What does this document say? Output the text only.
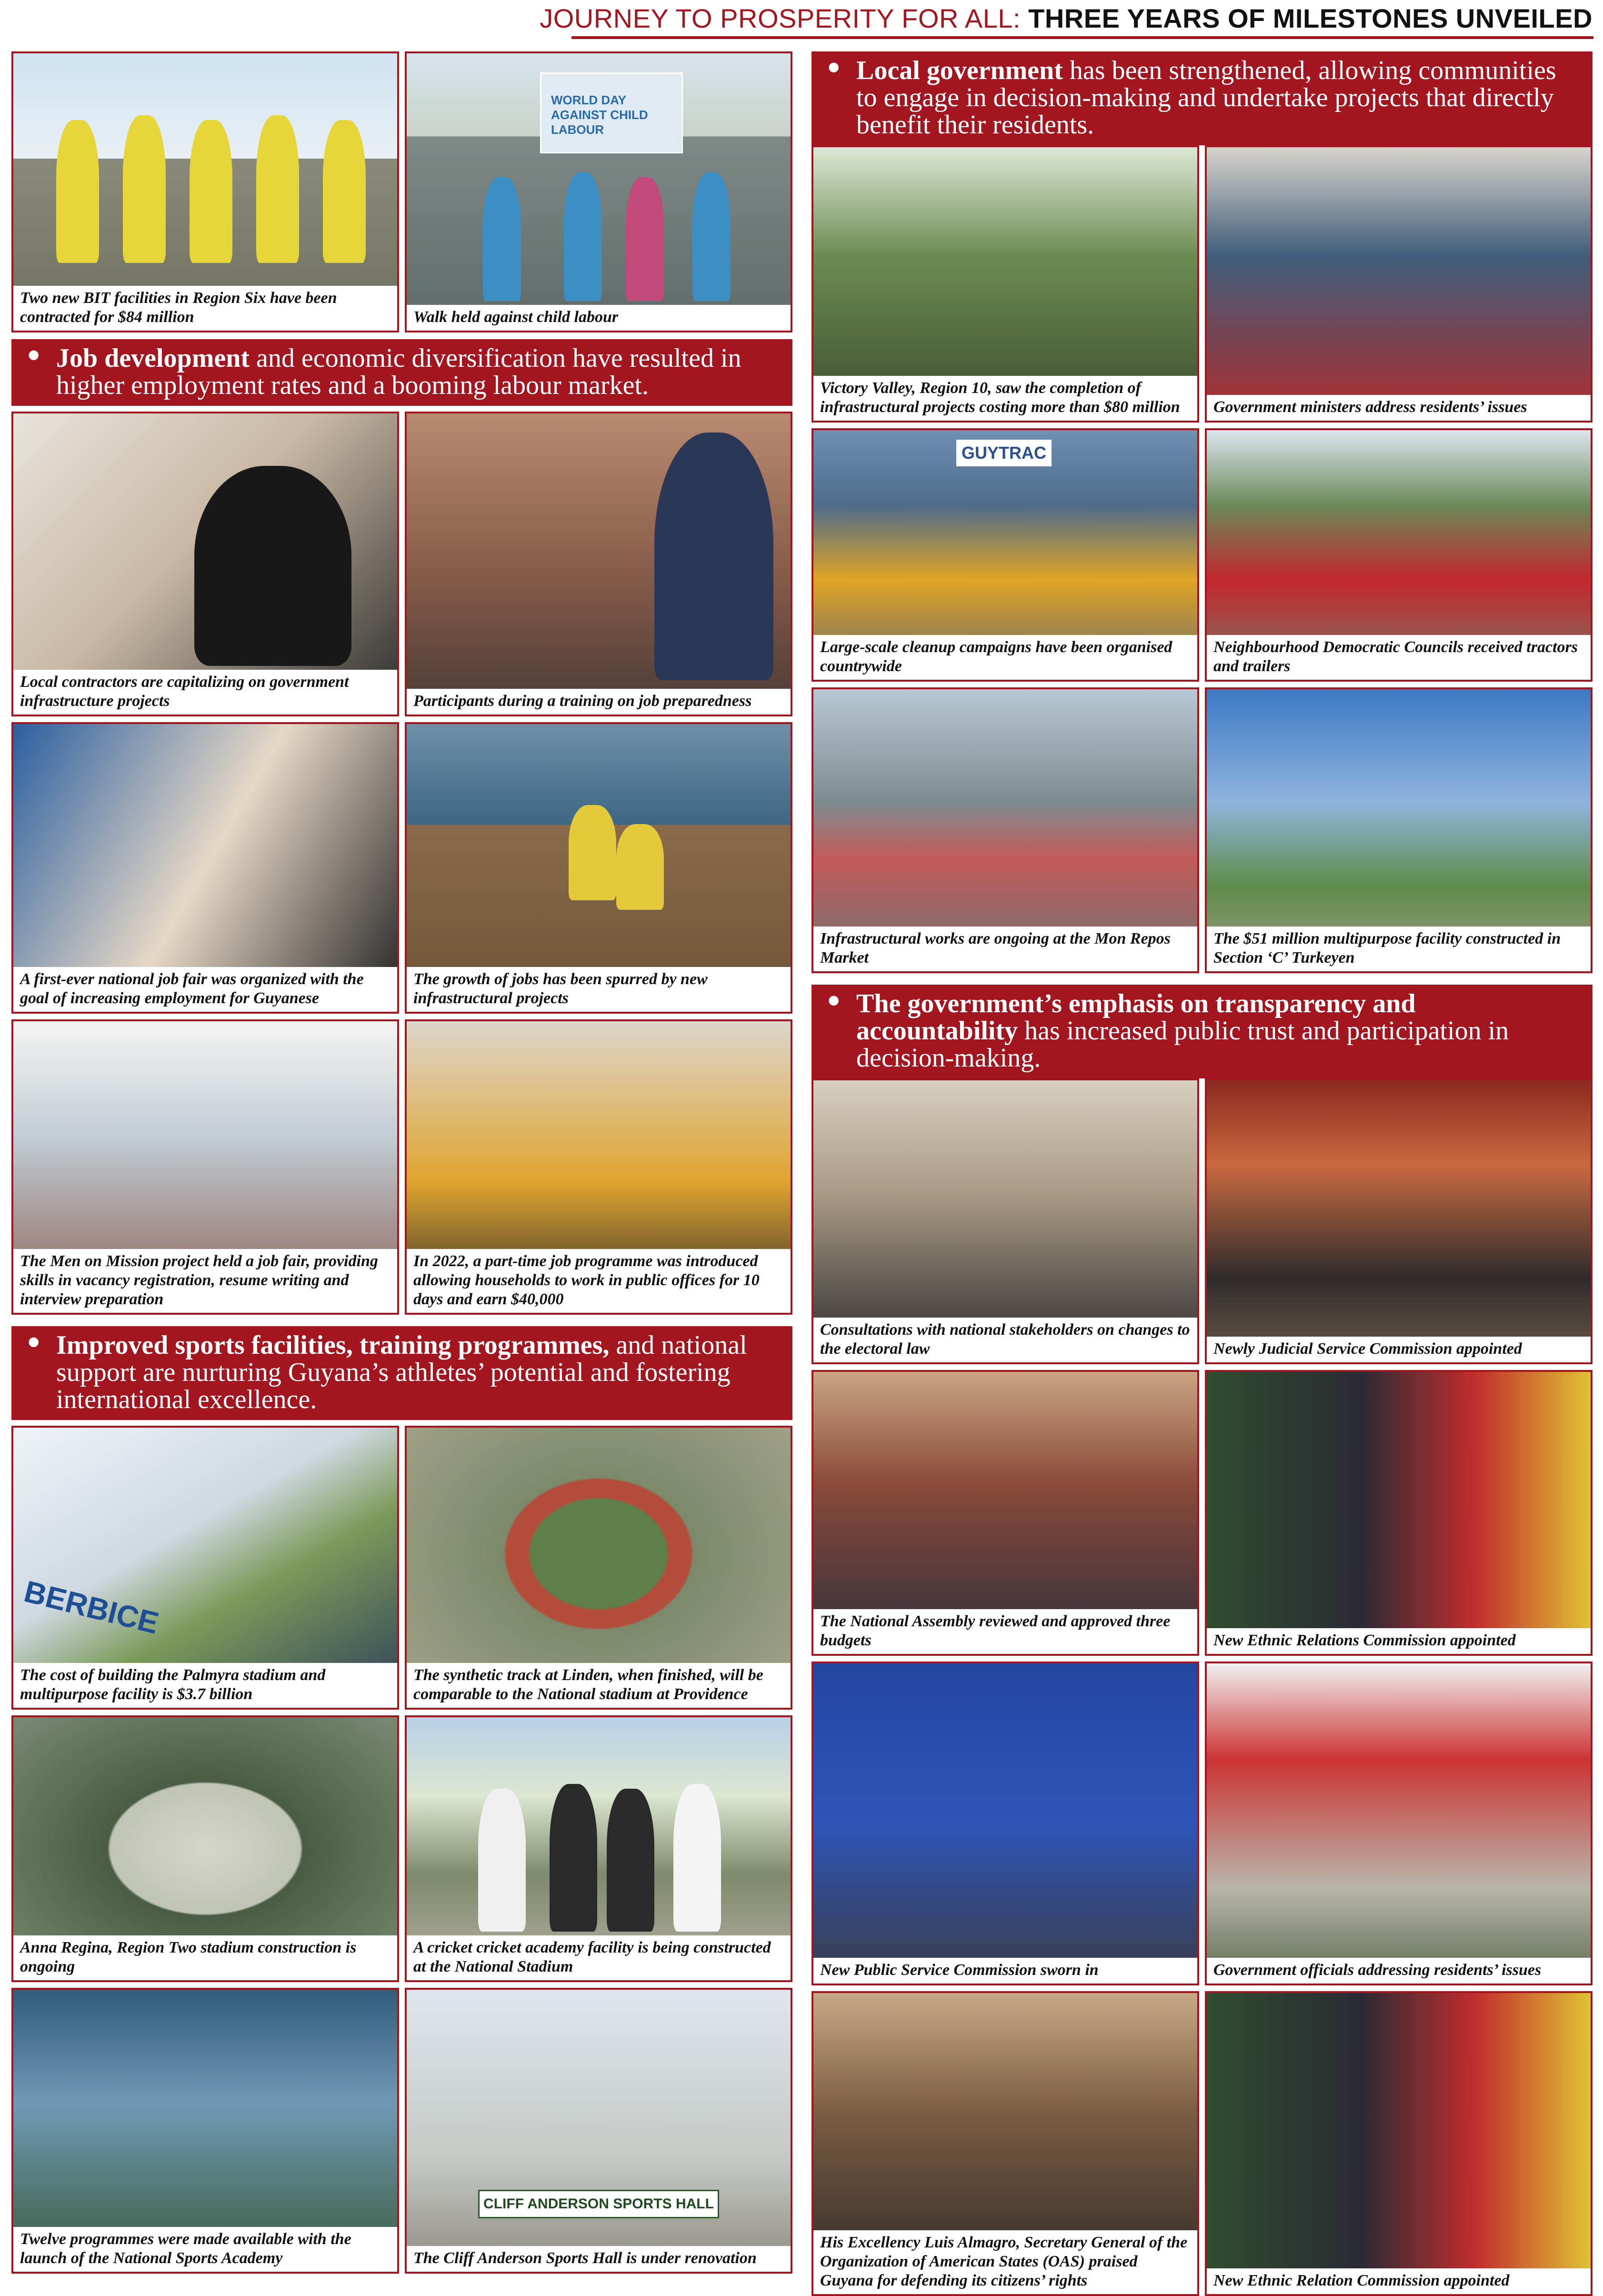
JOURNEY TO PROSPERITY FOR ALL: THREE YEARS OF MILESTONES UNVEILED
Two new BIT facilities in Region Six have been contracted for $84 million
WORLD DAY AGAINST CHILD LABOUR
Walk held against child labour
• Job development and economic diversification have resulted in higher employment rates and a booming labour market.
Local contractors are capitalizing on government infrastructure projects	Participants during a training on job preparedness
A first-ever national job fair was organized with the goal of increasing employment for Guyanese
The growth of jobs has been spurred by new infrastructural projects
The Men on Mission project held a job fair, providing skills in vacancy registration, resume writing and interview preparation
In 2022, a part-time job programme was introduced allowing households to work in public offices for 10 days and earn $40,000
• Improved sports facilities, training programmes, and national support are nurturing Guyana’s athletes’ potential and fostering international excellence.
BERBICE
The cost of building the Palmyra stadium and multipurpose facility is $3.7 billion
The synthetic track at Linden, when finished, will be comparable to the National stadium at Providence
Anna Regina, Region Two stadium construction is ongoing
A cricket cricket academy facility is being constructed at the National Stadium
Twelve programmes were made available with the launch of the National Sports Academy
CLIFF ANDERSON SPORTS HALL
The Cliff Anderson Sports Hall is under renovation
• Local government has been strengthened, allowing communities to engage in decision-making and undertake projects that directly benefit their residents.
Victory Valley, Region 10, saw the completion of infrastructural projects costing more than $80 million	Government ministers address residents’ issues
GUYTRAC
Large-scale cleanup campaigns have been organised countrywide
Neighbourhood Democratic Councils received tractors and trailers
Infrastructural works are ongoing at the Mon Repos Market
The $51 million multipurpose facility constructed in Section ‘C’ Turkeyen
• The government’s emphasis on transparency and accountability has increased public trust and participation in decision-making.
Consultations with national stakeholders on changes to the electoral law	Newly Judicial Service Commission appointed
The National Assembly reviewed and approved three budgets	New Ethnic Relations Commission appointed
New Public Service Commission sworn in	Government officials addressing residents’ issues
His Excellency Luis Almagro, Secretary General of the Organization of American States (OAS) praised Guyana for defending its citizens’ rights	New Ethnic Relation Commission appointed
